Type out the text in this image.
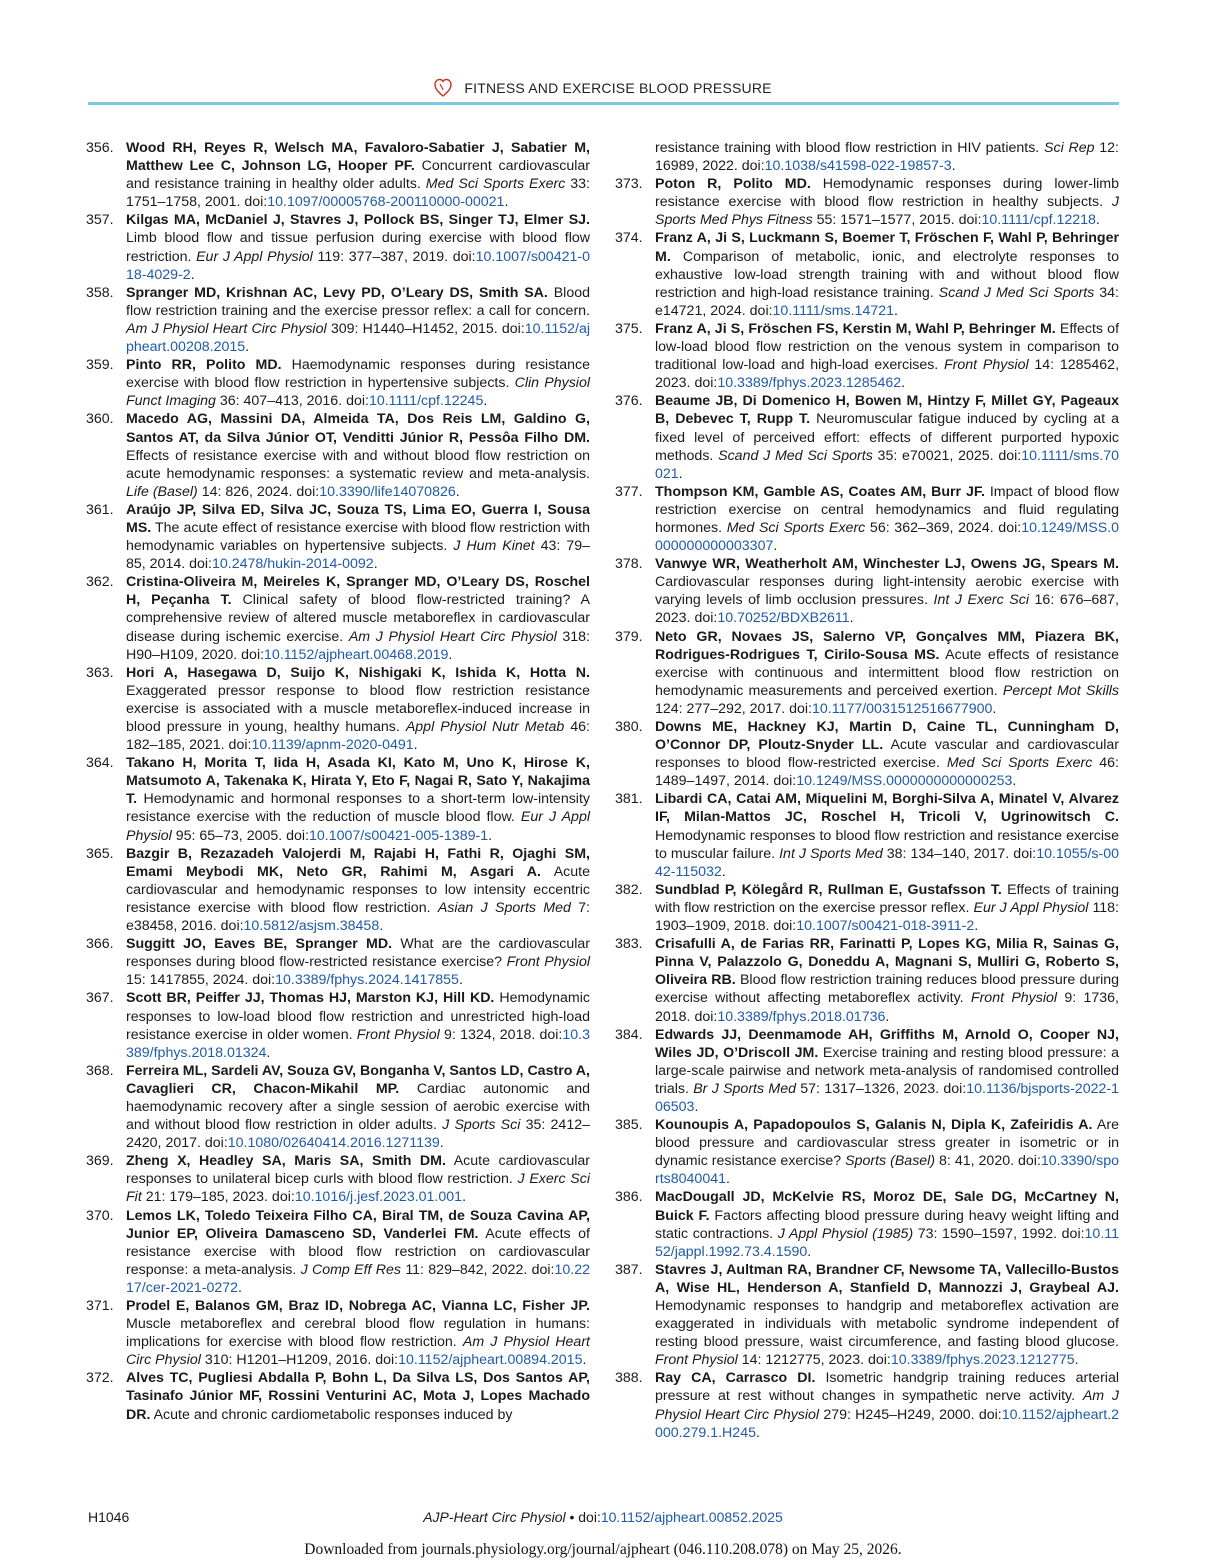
FITNESS AND EXERCISE BLOOD PRESSURE

356. Wood RH, Reyes R, Welsch MA, Favaloro-Sabatier J, Sabatier M, Matthew Lee C, Johnson LG, Hooper PF. Concurrent cardiovascular and resistance training in healthy older adults. Med Sci Sports Exerc 33: 1751–1758, 2001. doi:10.1097/00005768-200110000-00021.

357. Kilgas MA, McDaniel J, Stavres J, Pollock BS, Singer TJ, Elmer SJ. Limb blood flow and tissue perfusion during exercise with blood flow restriction. Eur J Appl Physiol 119: 377–387, 2019. doi:10.1007/s00421-018-4029-2.

358. Spranger MD, Krishnan AC, Levy PD, O’Leary DS, Smith SA. Blood flow restriction training and the exercise pressor reflex: a call for concern. Am J Physiol Heart Circ Physiol 309: H1440–H1452, 2015. doi:10.1152/ajpheart.00208.2015.

359. Pinto RR, Polito MD. Haemodynamic responses during resistance exercise with blood flow restriction in hypertensive subjects. Clin Physiol Funct Imaging 36: 407–413, 2016. doi:10.1111/cpf.12245.

360. Macedo AG, Massini DA, Almeida TA, Dos Reis LM, Galdino G, Santos AT, da Silva Júnior OT, Venditti Júnior R, Pessôa Filho DM. Effects of resistance exercise with and without blood flow restriction on acute hemodynamic responses: a systematic review and meta-analysis. Life (Basel) 14: 826, 2024. doi:10.3390/life14070826.

361. Araújo JP, Silva ED, Silva JC, Souza TS, Lima EO, Guerra I, Sousa MS. The acute effect of resistance exercise with blood flow restriction with hemodynamic variables on hypertensive subjects. J Hum Kinet 43: 79–85, 2014. doi:10.2478/hukin-2014-0092.

362. Cristina-Oliveira M, Meireles K, Spranger MD, O’Leary DS, Roschel H, Peçanha T. Clinical safety of blood flow-restricted training? A comprehensive review of altered muscle metaboreflex in cardiovascular disease during ischemic exercise. Am J Physiol Heart Circ Physiol 318: H90–H109, 2020. doi:10.1152/ajpheart.00468.2019.

363. Hori A, Hasegawa D, Suijo K, Nishigaki K, Ishida K, Hotta N. Exaggerated pressor response to blood flow restriction resistance exercise is associated with a muscle metaboreflex-induced increase in blood pressure in young, healthy humans. Appl Physiol Nutr Metab 46: 182–185, 2021. doi:10.1139/apnm-2020-0491.

364. Takano H, Morita T, Iida H, Asada KI, Kato M, Uno K, Hirose K, Matsumoto A, Takenaka K, Hirata Y, Eto F, Nagai R, Sato Y, Nakajima T. Hemodynamic and hormonal responses to a short-term low-intensity resistance exercise with the reduction of muscle blood flow. Eur J Appl Physiol 95: 65–73, 2005. doi:10.1007/s00421-005-1389-1.

365. Bazgir B, Rezazadeh Valojerdi M, Rajabi H, Fathi R, Ojaghi SM, Emami Meybodi MK, Neto GR, Rahimi M, Asgari A. Acute cardiovascular and hemodynamic responses to low intensity eccentric resistance exercise with blood flow restriction. Asian J Sports Med 7: e38458, 2016. doi:10.5812/asjsm.38458.

366. Suggitt JO, Eaves BE, Spranger MD. What are the cardiovascular responses during blood flow-restricted resistance exercise? Front Physiol 15: 1417855, 2024. doi:10.3389/fphys.2024.1417855.

367. Scott BR, Peiffer JJ, Thomas HJ, Marston KJ, Hill KD. Hemodynamic responses to low-load blood flow restriction and unrestricted high-load resistance exercise in older women. Front Physiol 9: 1324, 2018. doi:10.3389/fphys.2018.01324.

368. Ferreira ML, Sardeli AV, Souza GV, Bonganha V, Santos LD, Castro A, Cavaglieri CR, Chacon-Mikahil MP. Cardiac autonomic and haemodynamic recovery after a single session of aerobic exercise with and without blood flow restriction in older adults. J Sports Sci 35: 2412–2420, 2017. doi:10.1080/02640414.2016.1271139.

369. Zheng X, Headley SA, Maris SA, Smith DM. Acute cardiovascular responses to unilateral bicep curls with blood flow restriction. J Exerc Sci Fit 21: 179–185, 2023. doi:10.1016/j.jesf.2023.01.001.

370. Lemos LK, Toledo Teixeira Filho CA, Biral TM, de Souza Cavina AP, Junior EP, Oliveira Damasceno SD, Vanderlei FM. Acute effects of resistance exercise with blood flow restriction on cardiovascular response: a meta-analysis. J Comp Eff Res 11: 829–842, 2022. doi:10.2217/cer-2021-0272.

371. Prodel E, Balanos GM, Braz ID, Nobrega AC, Vianna LC, Fisher JP. Muscle metaboreflex and cerebral blood flow regulation in humans: implications for exercise with blood flow restriction. Am J Physiol Heart Circ Physiol 310: H1201–H1209, 2016. doi:10.1152/ajpheart.00894.2015.

372. Alves TC, Pugliesi Abdalla P, Bohn L, Da Silva LS, Dos Santos AP, Tasinafo Júnior MF, Rossini Venturini AC, Mota J, Lopes Machado DR. Acute and chronic cardiometabolic responses induced by

resistance training with blood flow restriction in HIV patients. Sci Rep 12: 16989, 2022. doi:10.1038/s41598-022-19857-3.

373. Poton R, Polito MD. Hemodynamic responses during lower-limb resistance exercise with blood flow restriction in healthy subjects. J Sports Med Phys Fitness 55: 1571–1577, 2015. doi:10.1111/cpf.12218.

374. Franz A, Ji S, Luckmann S, Boemer T, Fröschen F, Wahl P, Behringer M. Comparison of metabolic, ionic, and electrolyte responses to exhaustive low-load strength training with and without blood flow restriction and high-load resistance training. Scand J Med Sci Sports 34: e14721, 2024. doi:10.1111/sms.14721.

375. Franz A, Ji S, Fröschen FS, Kerstin M, Wahl P, Behringer M. Effects of low-load blood flow restriction on the venous system in comparison to traditional low-load and high-load exercises. Front Physiol 14: 1285462, 2023. doi:10.3389/fphys.2023.1285462.

376. Beaume JB, Di Domenico H, Bowen M, Hintzy F, Millet GY, Pageaux B, Debevec T, Rupp T. Neuromuscular fatigue induced by cycling at a fixed level of perceived effort: effects of different purported hypoxic methods. Scand J Med Sci Sports 35: e70021, 2025. doi:10.1111/sms.70021.

377. Thompson KM, Gamble AS, Coates AM, Burr JF. Impact of blood flow restriction exercise on central hemodynamics and fluid regulating hormones. Med Sci Sports Exerc 56: 362–369, 2024. doi:10.1249/MSS.0000000000003307.

378. Vanwye WR, Weatherholt AM, Winchester LJ, Owens JG, Spears M. Cardiovascular responses during light-intensity aerobic exercise with varying levels of limb occlusion pressures. Int J Exerc Sci 16: 676–687, 2023. doi:10.70252/BDXB2611.

379. Neto GR, Novaes JS, Salerno VP, Gonçalves MM, Piazera BK, Rodrigues-Rodrigues T, Cirilo-Sousa MS. Acute effects of resistance exercise with continuous and intermittent blood flow restriction on hemodynamic measurements and perceived exertion. Percept Mot Skills 124: 277–292, 2017. doi:10.1177/0031512516677900.

380. Downs ME, Hackney KJ, Martin D, Caine TL, Cunningham D, O’Connor DP, Ploutz-Snyder LL. Acute vascular and cardiovascular responses to blood flow-restricted exercise. Med Sci Sports Exerc 46: 1489–1497, 2014. doi:10.1249/MSS.0000000000000253.

381. Libardi CA, Catai AM, Miquelini M, Borghi-Silva A, Minatel V, Alvarez IF, Milan-Mattos JC, Roschel H, Tricoli V, Ugrinowitsch C. Hemodynamic responses to blood flow restriction and resistance exercise to muscular failure. Int J Sports Med 38: 134–140, 2017. doi:10.1055/s-0042-115032.

382. Sundblad P, Kölegård R, Rullman E, Gustafsson T. Effects of training with flow restriction on the exercise pressor reflex. Eur J Appl Physiol 118: 1903–1909, 2018. doi:10.1007/s00421-018-3911-2.

383. Crisafulli A, de Farias RR, Farinatti P, Lopes KG, Milia R, Sainas G, Pinna V, Palazzolo G, Doneddu A, Magnani S, Mulliri G, Roberto S, Oliveira RB. Blood flow restriction training reduces blood pressure during exercise without affecting metaboreflex activity. Front Physiol 9: 1736, 2018. doi:10.3389/fphys.2018.01736.

384. Edwards JJ, Deenmamode AH, Griffiths M, Arnold O, Cooper NJ, Wiles JD, O’Driscoll JM. Exercise training and resting blood pressure: a large-scale pairwise and network meta-analysis of randomised controlled trials. Br J Sports Med 57: 1317–1326, 2023. doi:10.1136/bjsports-2022-106503.

385. Kounoupis A, Papadopoulos S, Galanis N, Dipla K, Zafeiridis A. Are blood pressure and cardiovascular stress greater in isometric or in dynamic resistance exercise? Sports (Basel) 8: 41, 2020. doi:10.3390/sports8040041.

386. MacDougall JD, McKelvie RS, Moroz DE, Sale DG, McCartney N, Buick F. Factors affecting blood pressure during heavy weight lifting and static contractions. J Appl Physiol (1985) 73: 1590–1597, 1992. doi:10.1152/jappl.1992.73.4.1590.

387. Stavres J, Aultman RA, Brandner CF, Newsome TA, Vallecillo-Bustos A, Wise HL, Henderson A, Stanfield D, Mannozzi J, Graybeal AJ. Hemodynamic responses to handgrip and metaboreflex activation are exaggerated in individuals with metabolic syndrome independent of resting blood pressure, waist circumference, and fasting blood glucose. Front Physiol 14: 1212775, 2023. doi:10.3389/fphys.2023.1212775.

388. Ray CA, Carrasco DI. Isometric handgrip training reduces arterial pressure at rest without changes in sympathetic nerve activity. Am J Physiol Heart Circ Physiol 279: H245–H249, 2000. doi:10.1152/ajpheart.2000.279.1.H245.

H1046	AJP-Heart Circ Physiol • doi:10.1152/ajpheart.00852.2025
Downloaded from journals.physiology.org/journal/ajpheart (046.110.208.078) on May 25, 2026.
